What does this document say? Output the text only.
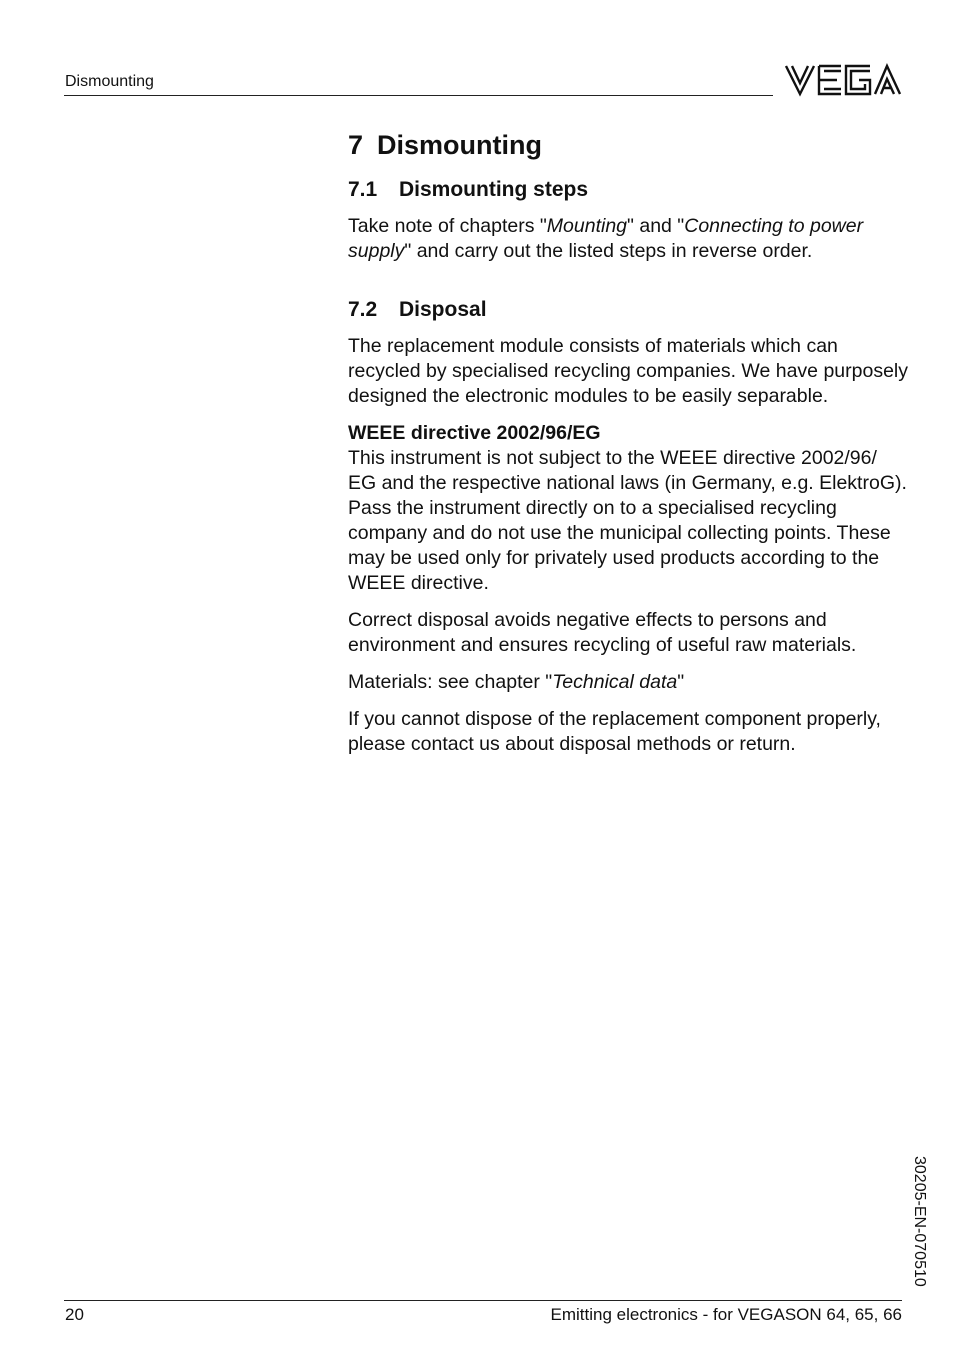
Dismounting
7 Dismounting
7.1 Dismounting steps

Take note of chapters "Mounting" and "Connecting to power supply" and carry out the listed steps in reverse order.

7.2 Disposal

The replacement module consists of materials which can recycled by specialised recycling companies. We have purposely designed the electronic modules to be easily separable.

WEEE directive 2002/96/EG

This instrument is not subject to the WEEE directive 2002/96/ EG and the respective national laws (in Germany, e.g. ElektroG). Pass the instrument directly on to a specialised recycling company and do not use the municipal collecting points. These may be used only for privately used products according to the WEEE directive.

Correct disposal avoids negative effects to persons and environment and ensures recycling of useful raw materials.

Materials: see chapter "Technical data"

If you cannot dispose of the replacement component properly, please contact us about disposal methods or return.

30205-EN-070510
20	Emitting electronics - for VEGASON 64, 65, 66
